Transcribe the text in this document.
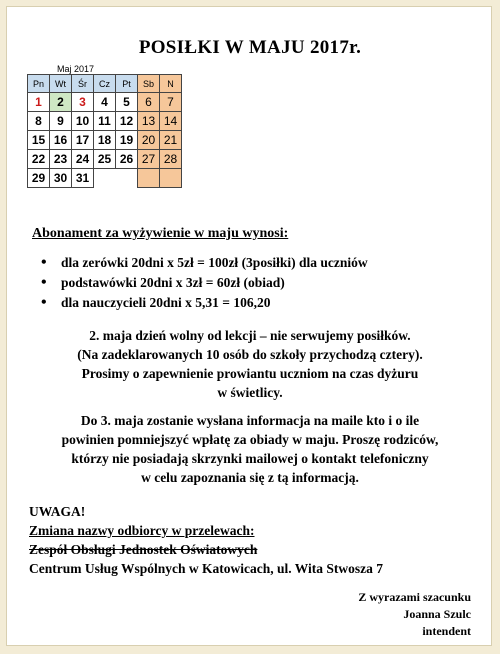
POSIŁKI W MAJU 2017r.
Maj 2017
Pn	Wt	Śr	Cz	Pt	Sb	N
1	2	3	4	5	6	7
8	9	10	11	12	13	14
15	16	17	18	19	20	21
22	23	24	25	26	27	28
29	30	31				
Abonament za wyżywienie w maju wynosi:
• dla zerówki 20dni x 5zł = 100zł (3posiłki) dla uczniów
• podstawówki 20dni x 3zł = 60zł (obiad)
• dla nauczycieli 20dni x 5,31 = 106,20
2. maja dzień wolny od lekcji – nie serwujemy posiłków.
(Na zadeklarowanych 10 osób do szkoły przychodzą cztery).
Prosimy o zapewnienie prowiantu uczniom na czas dyżuru
w świetlicy.
Do 3. maja zostanie wysłana informacja na maile kto i o ile
powinien pomniejszyć wpłatę za obiady w maju. Proszę rodziców,
którzy nie posiadają skrzynki mailowej o kontakt telefoniczny
w celu zapoznania się z tą informacją.
UWAGA!
Zmiana nazwy odbiorcy w przelewach:
Zespół Obsługi Jednostek Oświatowych
Centrum Usług Wspólnych w Katowicach, ul. Wita Stwosza 7
Z wyrazami szacunku
Joanna Szulc
intendent
